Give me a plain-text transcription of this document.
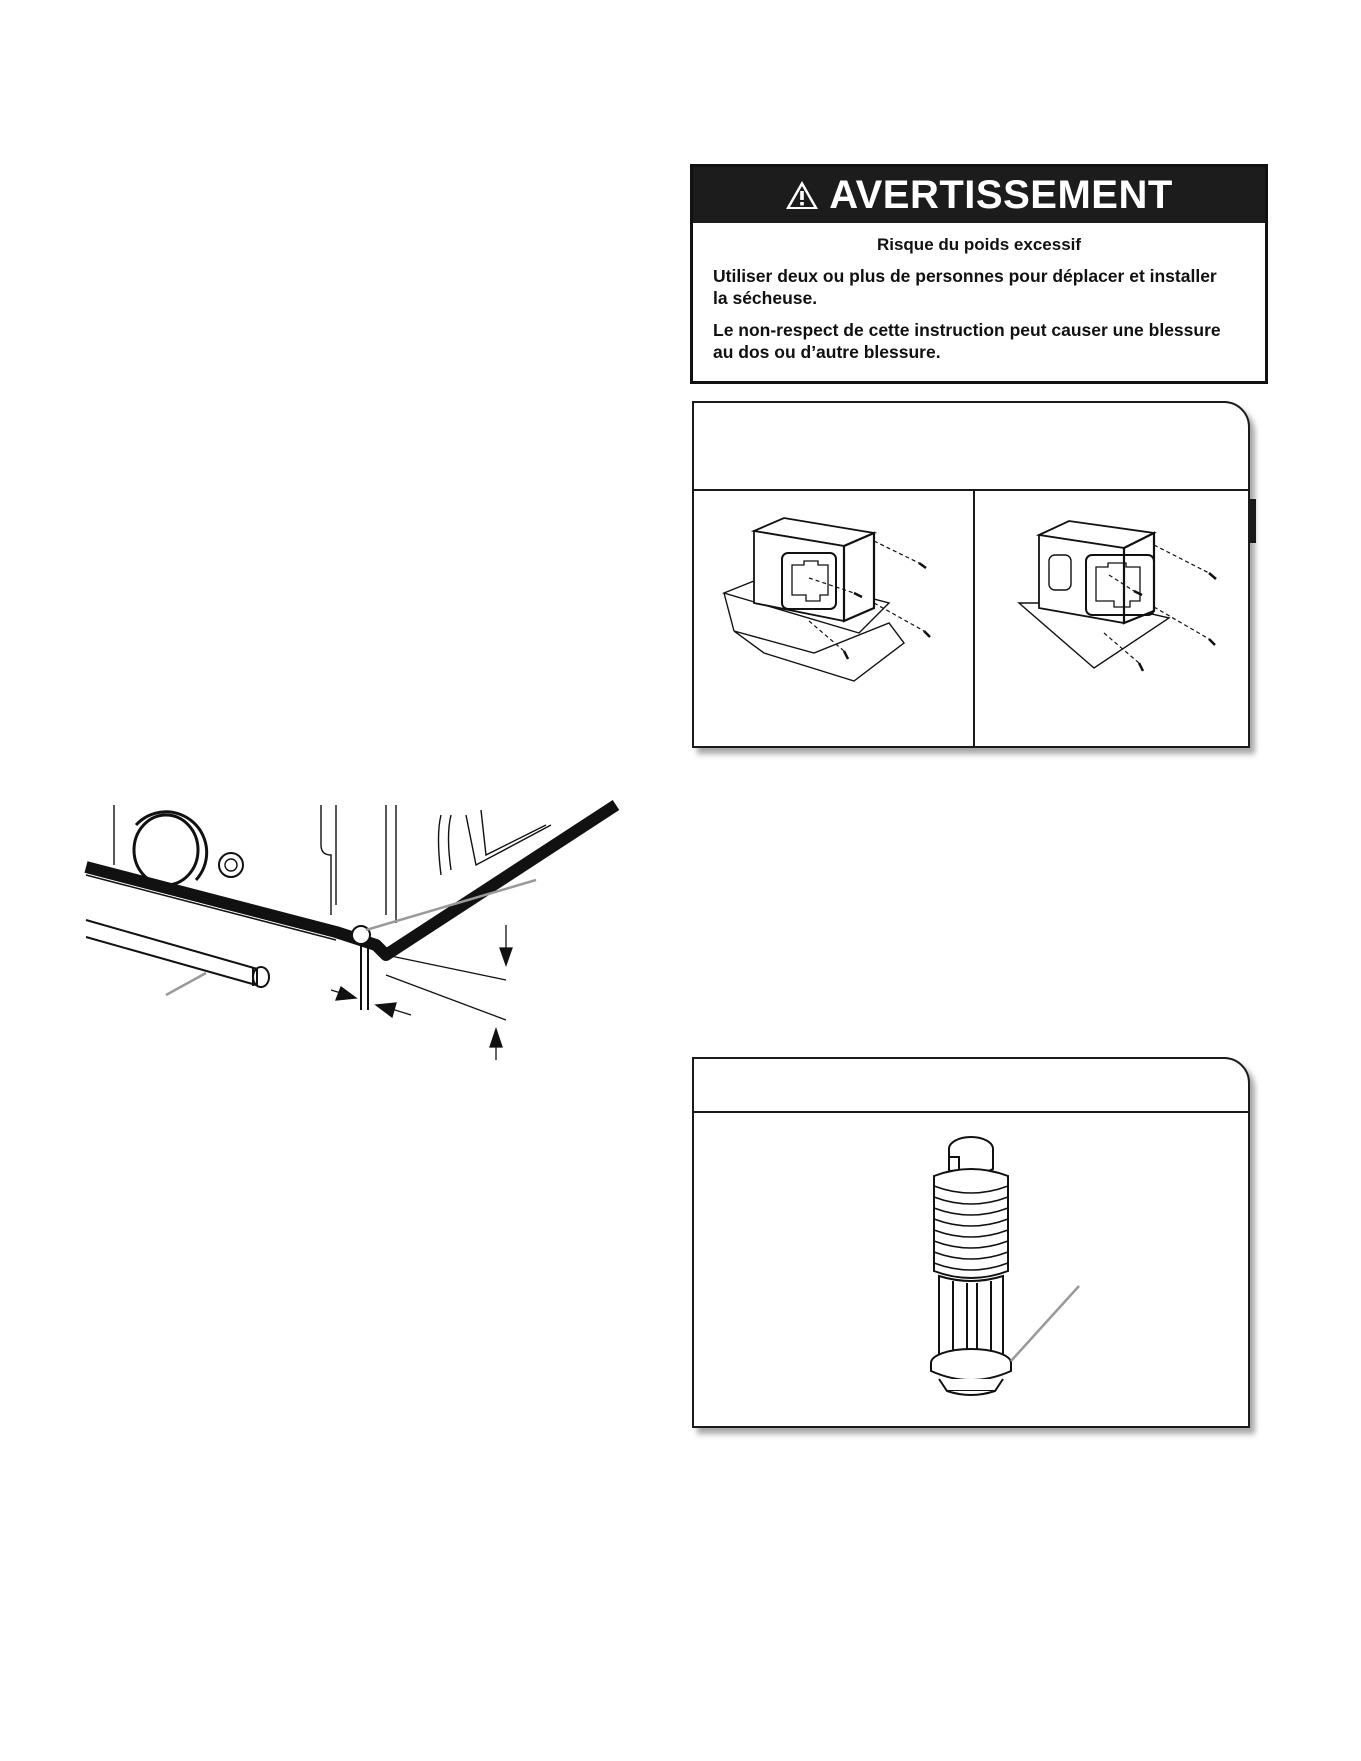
AVERTISSEMENT
Risque du poids excessif
Utiliser deux ou plus de personnes pour déplacer et installer la sécheuse.
Le non-respect de cette instruction peut causer une blessure au dos ou d’autre blessure.
